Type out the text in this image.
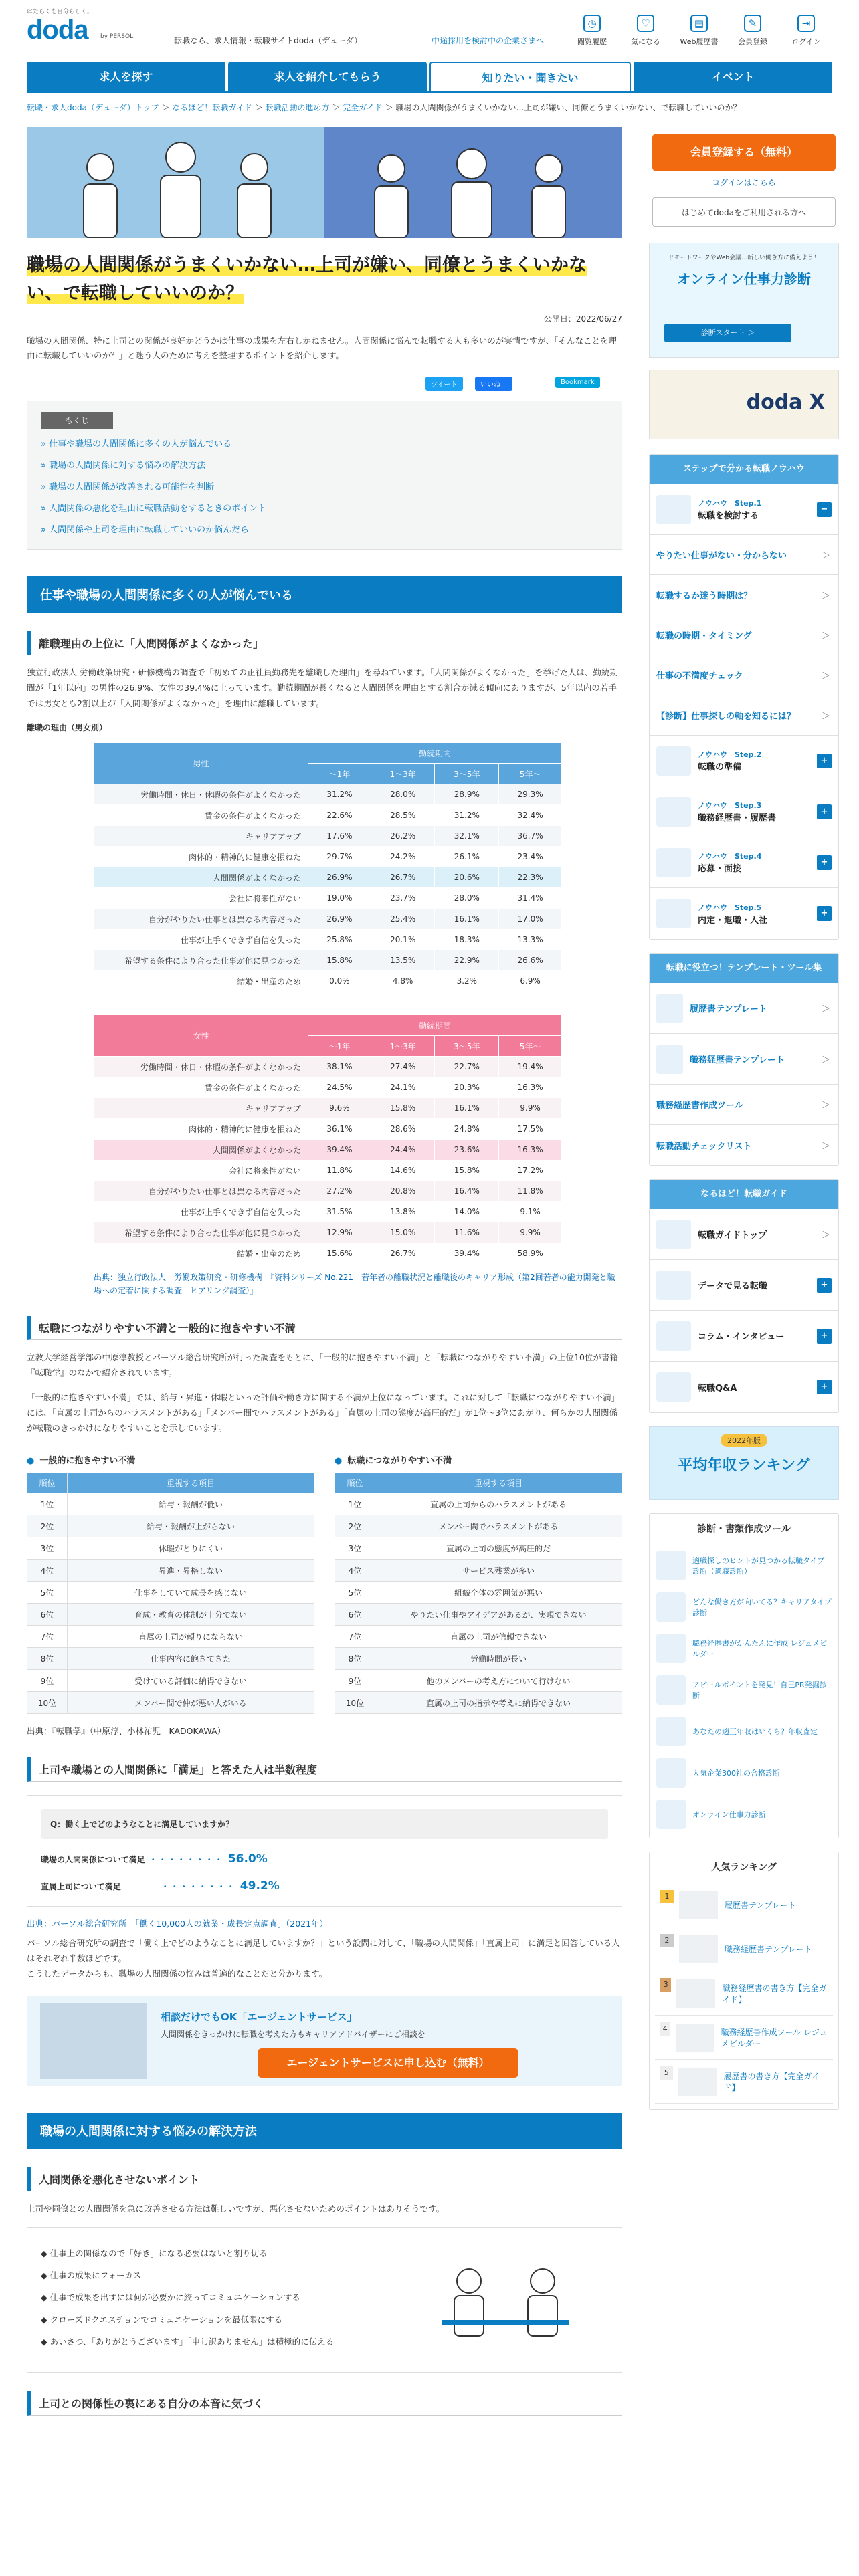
はたらくを自分らしく。
doda	by PERSOL	転職なら、求人情報・転職サイトdoda（デューダ）	中途採用を検討中の企業さまへ
◷
閲覧履歴
♡
気になる
▤
Web履歴書
✎
会員登録
⇥
ログイン
求人を探す	求人を紹介してもらう	知りたい・聞きたい	イベント
転職・求人doda（デューダ）トップ ＞ なるほど！転職ガイド ＞ 転職活動の進め方 ＞ 完全ガイド ＞ 職場の人間関係がうまくいかない…上司が嫌い、同僚とうまくいかない、で転職していいのか？
職場の人間関係がうまくいかない…上司が嫌い、同僚とうまくいかない、で転職していいのか？
公開日：2022/06/27

職場の人間関係、特に上司との関係が良好かどうかは仕事の成果を左右しかねません。人間関係に悩んで転職する人も多いのが実情ですが、「そんなことを理由に転職していいのか？」と迷う人のために考えを整理するポイントを紹介します。

ツイート	いいね！	Bookmark
もくじ
» 仕事や職場の人間関係に多くの人が悩んでいる
» 職場の人間関係に対する悩みの解決方法
» 職場の人間関係が改善される可能性を判断
» 人間関係の悪化を理由に転職活動をするときのポイント
» 人間関係や上司を理由に転職していいのか悩んだら
仕事や職場の人間関係に多くの人が悩んでいる
離職理由の上位に「人間関係がよくなかった」

独立行政法人 労働政策研究・研修機構の調査で「初めての正社員勤務先を離職した理由」を尋ねています。「人間関係がよくなかった」を挙げた人は、勤続期間が「1年以内」の男性の26.9%、女性の39.4%に上っています。勤続期間が長くなると人間関係を理由とする割合が減る傾向にありますが、5年以内の若手では男女とも2割以上が「人間関係がよくなかった」を理由に離職しています。

離職の理由（男女別）
男性	勤続期間			
	〜1年	1〜3年	3〜5年	5年〜
労働時間・休日・休暇の条件がよくなかった	31.2%	28.0%	28.9%	29.3%
賃金の条件がよくなかった	22.6%	28.5%	31.2%	32.4%
キャリアアップ	17.6%	26.2%	32.1%	36.7%
肉体的・精神的に健康を損ねた	29.7%	24.2%	26.1%	23.4%
人間関係がよくなかった	26.9%	26.7%	20.6%	22.3%
会社に将来性がない	19.0%	23.7%	28.0%	31.4%
自分がやりたい仕事とは異なる内容だった	26.9%	25.4%	16.1%	17.0%
仕事が上手くできず自信を失った	25.8%	20.1%	18.3%	13.3%
希望する条件により合った仕事が他に見つかった	15.8%	13.5%	22.9%	26.6%
結婚・出産のため	0.0%	4.8%	3.2%	6.9%
女性	勤続期間			
	〜1年	1〜3年	3〜5年	5年〜
労働時間・休日・休暇の条件がよくなかった	38.1%	27.4%	22.7%	19.4%
賃金の条件がよくなかった	24.5%	24.1%	20.3%	16.3%
キャリアアップ	9.6%	15.8%	16.1%	9.9%
肉体的・精神的に健康を損ねた	36.1%	28.6%	24.8%	17.5%
人間関係がよくなかった	39.4%	24.4%	23.6%	16.3%
会社に将来性がない	11.8%	14.6%	15.8%	17.2%
自分がやりたい仕事とは異なる内容だった	27.2%	20.8%	16.4%	11.8%
仕事が上手くできず自信を失った	31.5%	13.8%	14.0%	9.1%
希望する条件により合った仕事が他に見つかった	12.9%	15.0%	11.6%	9.9%
結婚・出産のため	15.6%	26.7%	39.4%	58.9%
出典：独立行政法人　労働政策研究・研修機構　『資料シリーズ No.221　若年者の離職状況と離職後のキャリア形成（第2回若者の能力開発と職場への定着に関する調査　ヒアリング調査）』
転職につながりやすい不満と一般的に抱きやすい不満

立教大学経営学部の中原淳教授とパーソル総合研究所が行った調査をもとに、「一般的に抱きやすい不満」と「転職につながりやすい不満」の上位10位が書籍『転職学』のなかで紹介されています。

「一般的に抱きやすい不満」では、給与・昇進・休暇といった評価や働き方に関する不満が上位になっています。これに対して「転職につながりやすい不満」には、「直属の上司からのハラスメントがある」「メンバー間でハラスメントがある」「直属の上司の態度が高圧的だ」が1位〜3位にあがり、何らかの人間関係が転職のきっかけになりやすいことを示しています。

● 一般的に抱きやすい不満
順位	重視する項目
1位	給与・報酬が低い
2位	給与・報酬が上がらない
3位	休暇がとりにくい
4位	昇進・昇格しない
5位	仕事をしていて成長を感じない
6位	育成・教育の体制が十分でない
7位	直属の上司が頼りにならない
8位	仕事内容に飽きてきた
9位	受けている評価に納得できない
10位	メンバー間で仲が悪い人がいる
● 転職につながりやすい不満
順位	重視する項目
1位	直属の上司からのハラスメントがある
2位	メンバー間でハラスメントがある
3位	直属の上司の態度が高圧的だ
4位	サービス残業が多い
5位	組織全体の雰囲気が悪い
6位	やりたい仕事やアイデアがあるが、実現できない
7位	直属の上司が信頼できない
8位	労働時間が長い
9位	他のメンバーの考え方について行けない
10位	直属の上司の指示や考えに納得できない
出典：『転職学』（中原淳、小林祐児　KADOKAWA）
上司や職場との人間関係に「満足」と答えた人は半数程度
Q：働く上でどのようなことに満足していますか？
職場の人間関係について満足 ・・・・・・・・ 56.0%
直属上司について満足	・・・・・・・・ 49.2%
出典：パーソル総合研究所　「働く10,000人の就業・成長定点調査」（2021年）

パーソル総合研究所の調査で「働く上でどのようなことに満足していますか？」という設問に対して、「職場の人間関係」「直属上司」に満足と回答している人はそれぞれ半数ほどです。
こうしたデータからも、職場の人間関係の悩みは普遍的なことだと分かります。

相談だけでもOK「エージェントサービス」
人間関係をきっかけに転職を考えた方もキャリアアドバイザーにご相談を
エージェントサービスに申し込む（無料）
職場の人間関係に対する悩みの解決方法
人間関係を悪化させないポイント

上司や同僚との人間関係を急に改善させる方法は難しいですが、悪化させないためのポイントはありそうです。

◆ 仕事上の関係なので「好き」になる必要はないと割り切る
◆ 仕事の成果にフォーカス
◆ 仕事で成果を出すには何が必要かに絞ってコミュニケーションする
◆ クローズドクエスチョンでコミュニケーションを最低限にする
◆ あいさつ、「ありがとうございます」「申し訳ありません」は積極的に伝える
上司との関係性の裏にある自分の本音に気づく
会員登録する（無料）
ログインはこちら
はじめてdodaをご利用される方へ
リモートワークやWeb会議…新しい働き方に備えよう！
オンライン仕事力診断
診断スタート ＞
doda X
ステップで分かる転職ノウハウ
ノウハウ　Step.1
転職を検討する
−
やりたい仕事がない・分からない	＞
転職するか迷う時期は？	＞
転職の時期・タイミング	＞
仕事の不満度チェック	＞
【診断】仕事探しの軸を知るには？	＞
ノウハウ　Step.2
転職の準備
+
ノウハウ　Step.3
職務経歴書・履歴書
+
ノウハウ　Step.4
応募・面接
+
ノウハウ　Step.5
内定・退職・入社
+
転職に役立つ！テンプレート・ツール集
履歴書テンプレート	＞
職務経歴書テンプレート	＞
職務経歴書作成ツール	＞
転職活動チェックリスト	＞
なるほど！転職ガイド
転職ガイドトップ	＞
データで見る転職	+
コラム・インタビュー	+
転職Q&A	+
2022年版
平均年収ランキング
診断・書類作成ツール
適職探しのヒントが見つかる転職タイプ診断（適職診断）
どんな働き方が向いてる？キャリアタイプ診断
職務経歴書がかんたんに作成 レジュメビルダー
アピールポイントを発見！自己PR発掘診断
あなたの適正年収はいくら？年収査定
人気企業300社の合格診断
オンライン仕事力診断
人気ランキング
1
履歴書テンプレート
2
職務経歴書テンプレート
3	職務経歴書の書き方【完全ガイド】
4	職務経歴書作成ツール レジュメビルダー
5	履歴書の書き方【完全ガイド】
